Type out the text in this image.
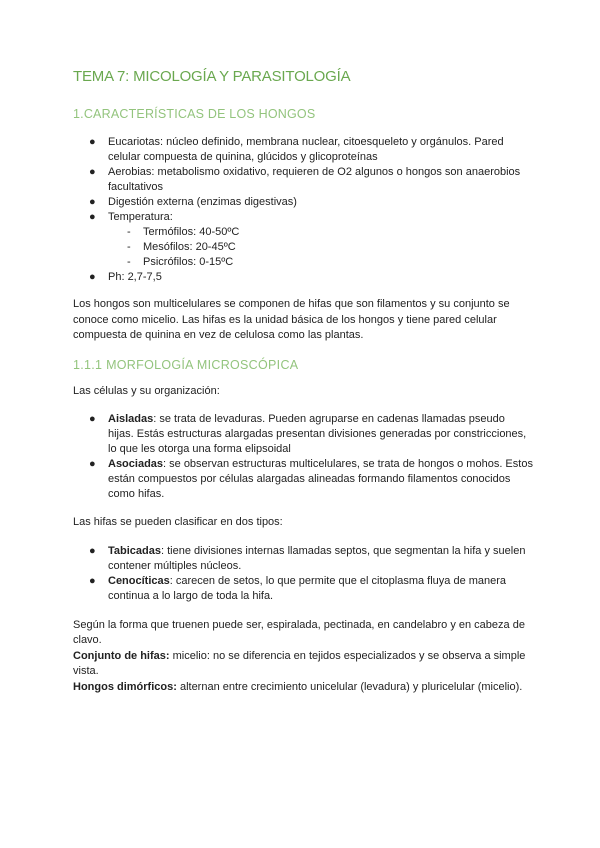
TEMA 7: MICOLOGÍA Y PARASITOLOGÍA
1.CARACTERÍSTICAS DE LOS HONGOS
● Eucariotas: núcleo definido, membrana nuclear, citoesqueleto y orgánulos. Pared celular compuesta de quinina, glúcidos y glicoproteínas
● Aerobias: metabolismo oxidativo, requieren de O2 algunos o hongos son anaerobios facultativos
● Digestión externa (enzimas digestivas)
● Temperatura:
- Termófilos: 40-50ºC
- Mesófilos: 20-45ºC
- Psicrófilos: 0-15ºC
● Ph: 2,7-7,5

Los hongos son multicelulares se componen de hifas que son filamentos y su conjunto se conoce como micelio. Las hifas es la unidad básica de los hongos y tiene pared celular compuesta de quinina en vez de celulosa como las plantas.

1.1.1 MORFOLOGÍA MICROSCÓPICA

Las células y su organización:

● Aisladas: se trata de levaduras. Pueden agruparse en cadenas llamadas pseudo hijas. Estás estructuras alargadas presentan divisiones generadas por constricciones, lo que les otorga una forma elipsoidal
● Asociadas: se observan estructuras multicelulares, se trata de hongos o mohos. Estos están compuestos por células alargadas alineadas formando filamentos conocidos como hifas.

Las hifas se pueden clasificar en dos tipos:

● Tabicadas: tiene divisiones internas llamadas septos, que segmentan la hifa y suelen contener múltiples núcleos.
● Cenocíticas: carecen de setos, lo que permite que el citoplasma fluya de manera continua a lo largo de toda la hifa.

Según la forma que truenen puede ser, espiralada, pectinada, en candelabro y en cabeza de clavo.

Conjunto de hifas: micelio: no se diferencia en tejidos especializados y se observa a simple vista.

Hongos dimórficos: alternan entre crecimiento unicelular (levadura) y pluricelular (micelio).
